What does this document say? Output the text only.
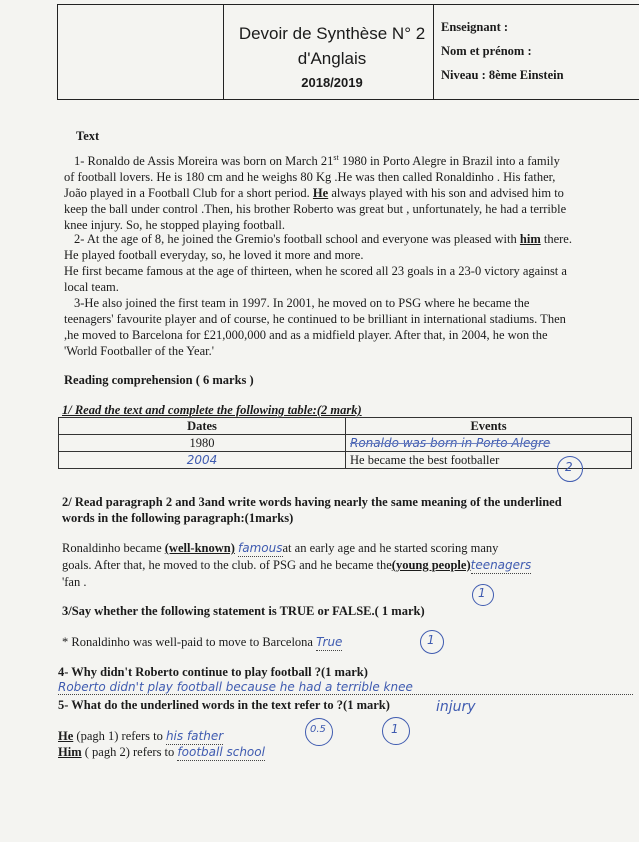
Devoir de Synthèse N° 2
d'Anglais
2018/2019
Enseignant :
Nom et prénom :
Niveau : 8ème Einstein
Text
1- Ronaldo de Assis Moreira was born on March 21st 1980 in Porto Alegre in Brazil into a family
of football lovers. He is 180 cm and he weighs 80 Kg .He was then called Ronaldinho . His father,
João played in a Football Club for a short period. He always played with his son and advised him to
keep the ball under control .Then, his brother Roberto was great but , unfortunately, he had a terrible
knee injury. So, he stopped playing football.
2- At the age of 8, he joined the Gremio's football school and everyone was pleased with him there.
He played football everyday, so, he loved it more and more.
He first became famous at the age of thirteen, when he scored all 23 goals in a 23-0 victory against a
local team.
3-He also joined the first team in 1997. In 2001, he moved on to PSG where he became the
teenagers' favourite player and of course, he continued to be brilliant in international stadiums. Then
,he moved to Barcelona for £21,000,000 and as a midfield player. After that, in 2004, he won the
'World Footballer of the Year.'
Reading comprehension ( 6 marks )
1/ Read the text and complete the following table:(2 mark)
Dates	Events
1980	Ronaldo was born in Porto Alegre
2004	He became the best footballer
2
2/ Read paragraph 2 and 3and write words having nearly the same meaning of the underlined
words in the following paragraph:(1marks)
Ronaldinho became (well-known) famousat an early age and he started scoring many
goals. After that, he moved to the club. of PSG and he became the(young people)teenagers
'fan .
1
3/Say whether the following statement is TRUE or FALSE.( 1 mark)
* Ronaldinho was well-paid to move to Barcelona True	1
4- Why didn't Roberto continue to play football ?(1 mark)
Roberto didn't play football because he had a terrible knee
5- What do the underlined words in the text refer to ?(1 mark)	injury
He (pagh 1) refers to his father
Him ( pagh 2) refers to football school
0.5	1
